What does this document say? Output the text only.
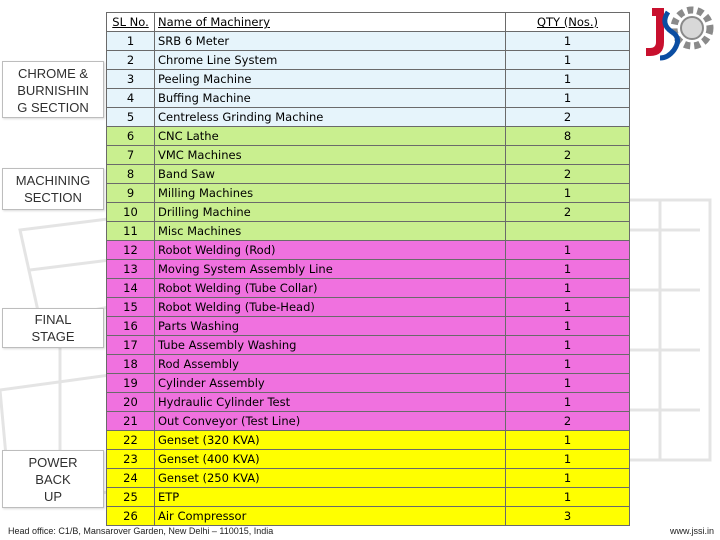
CHROME &
BURNISHIN
G SECTION
MACHINING
SECTION
FINAL
STAGE
POWER
BACK
UP
SL No.	Name of Machinery	QTY (Nos.)
1	SRB 6 Meter	1
2	Chrome Line System	1
3	Peeling Machine	1
4	Buffing Machine	1
5	Centreless Grinding Machine	2
6	CNC Lathe	8
7	VMC Machines	2
8	Band Saw	2
9	Milling Machines	1
10	Drilling Machine	2
11	Misc Machines	
12	Robot Welding (Rod)	1
13	Moving System Assembly Line	1
14	Robot Welding (Tube Collar)	1
15	Robot Welding (Tube-Head)	1
16	Parts Washing	1
17	Tube Assembly Washing	1
18	Rod Assembly	1
19	Cylinder Assembly	1
20	Hydraulic Cylinder Test	1
21	Out Conveyor (Test Line)	2
22	Genset (320 KVA)	1
23	Genset (400 KVA)	1
24	Genset (250 KVA)	1
25	ETP	1
26	Air Compressor	3
Head office: C1/B, Mansarover Garden, New Delhi – 110015, India	www.jssi.in
